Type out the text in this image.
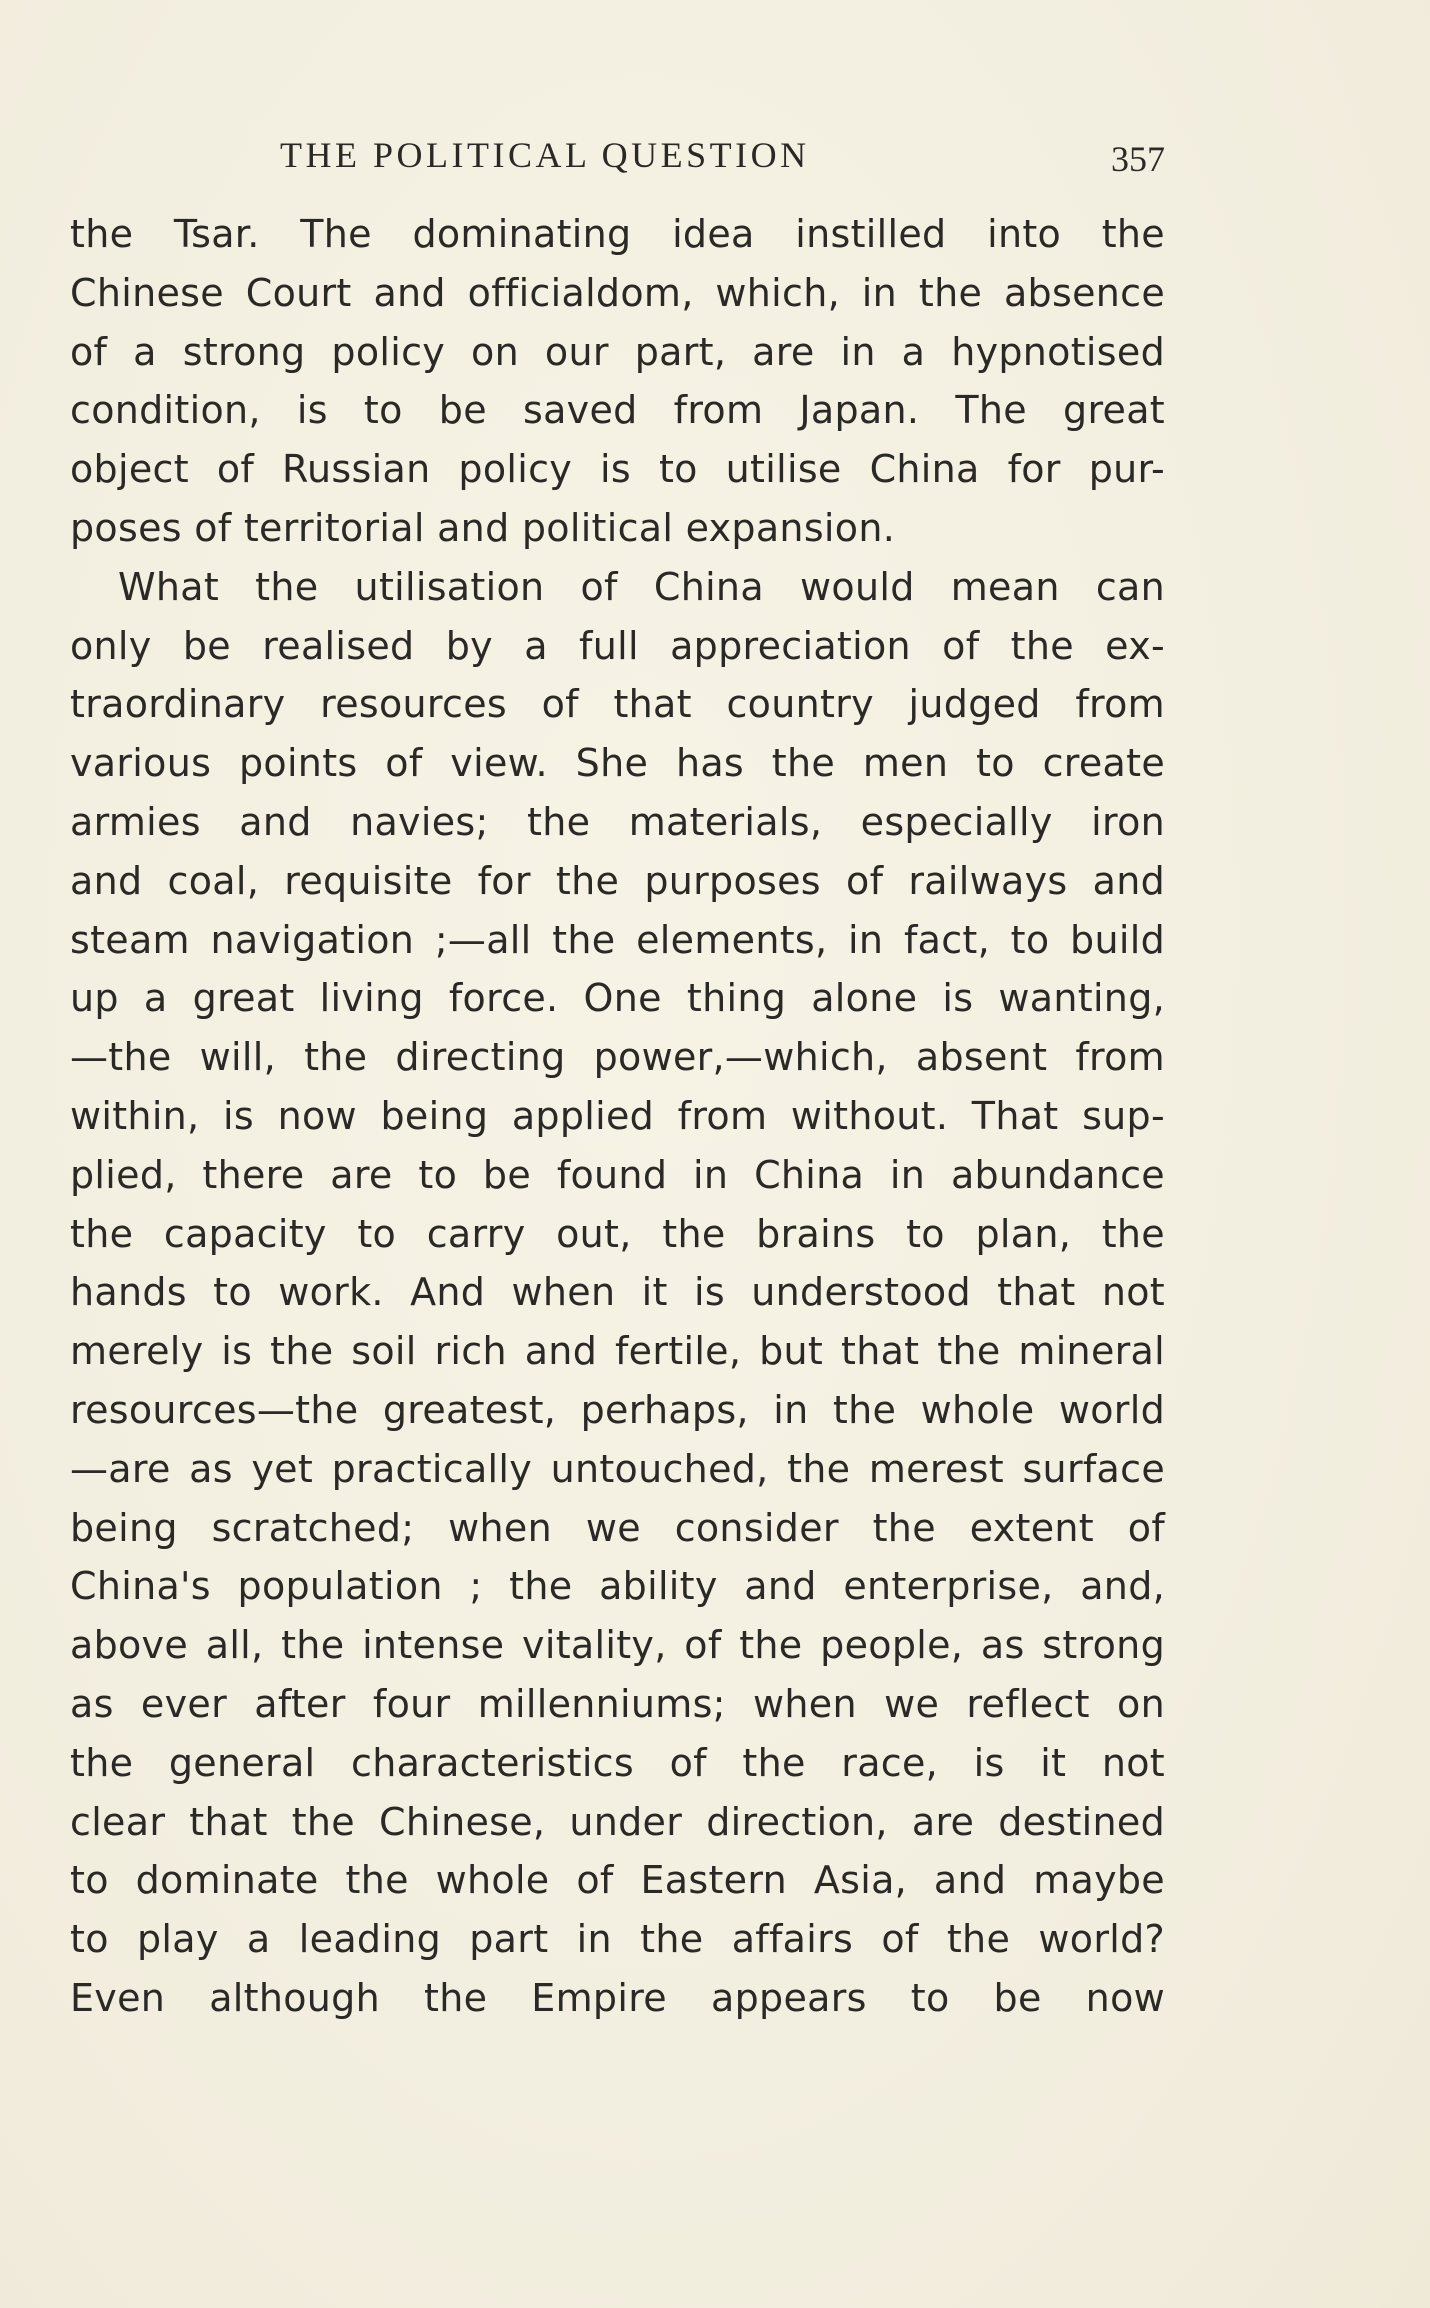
THE POLITICAL QUESTION	357
the Tsar. The dominating idea instilled into the
Chinese Court and officialdom, which, in the absence
of a strong policy on our part, are in a hypnotised
condition, is to be saved from Japan. The great
object of Russian policy is to utilise China for pur-
poses of territorial and political expansion.
What the utilisation of China would mean can
only be realised by a full appreciation of the ex-
traordinary resources of that country judged from
various points of view. She has the men to create
armies and navies; the materials, especially iron
and coal, requisite for the purposes of railways and
steam navigation ;—all the elements, in fact, to build
up a great living force. One thing alone is wanting,
—the will, the directing power,—which, absent from
within, is now being applied from without. That sup-
plied, there are to be found in China in abundance
the capacity to carry out, the brains to plan, the
hands to work. And when it is understood that not
merely is the soil rich and fertile, but that the mineral
resources—the greatest, perhaps, in the whole world
—are as yet practically untouched, the merest surface
being scratched; when we consider the extent of
China's population ; the ability and enterprise, and,
above all, the intense vitality, of the people, as strong
as ever after four millenniums; when we reflect on
the general characteristics of the race, is it not
clear that the Chinese, under direction, are destined
to dominate the whole of Eastern Asia, and maybe
to play a leading part in the affairs of the world?
Even although the Empire appears to be now
